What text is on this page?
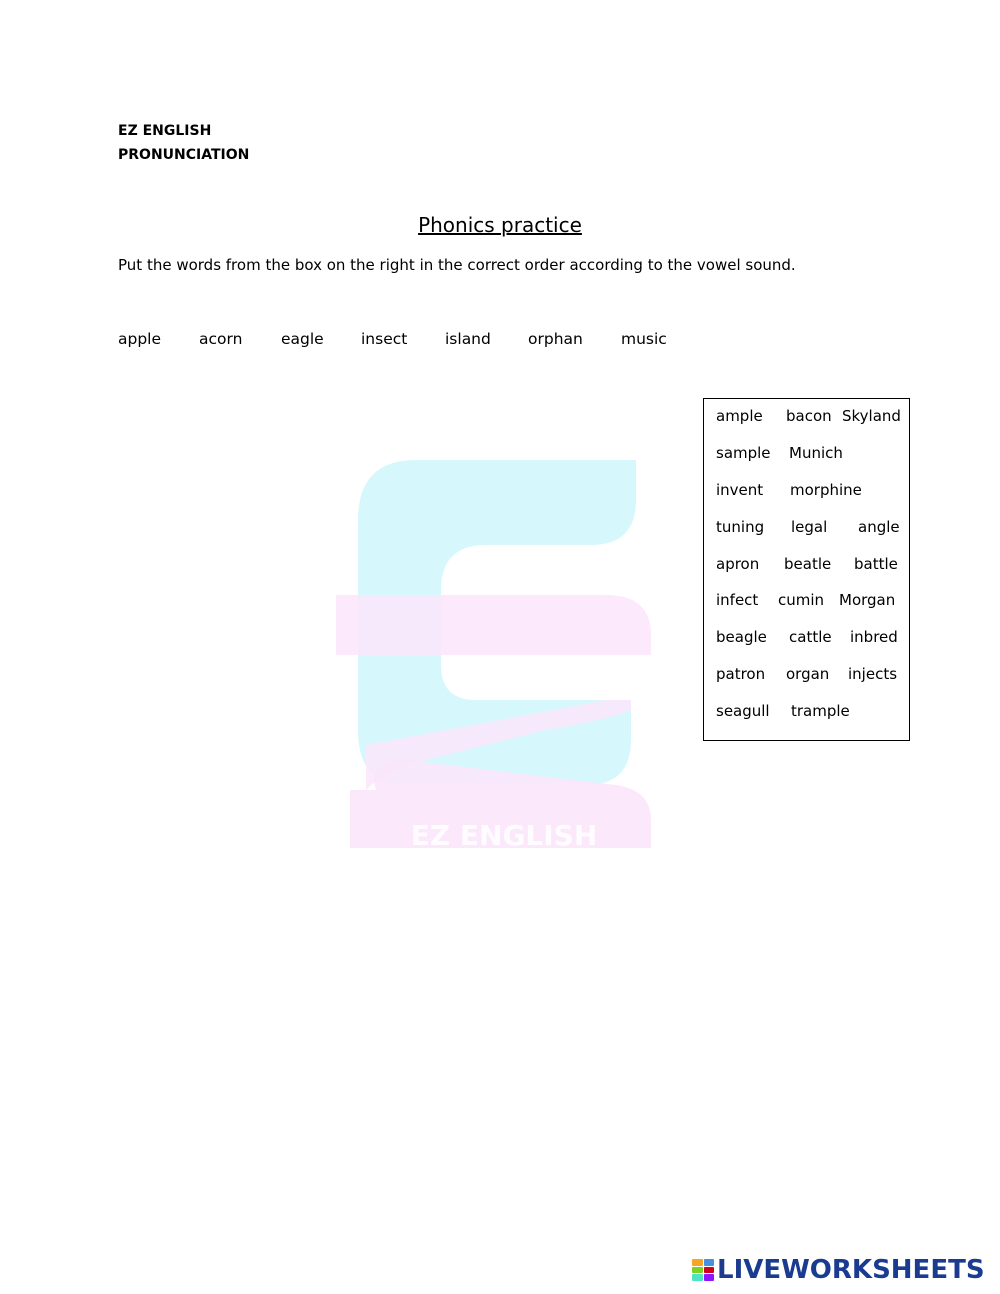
EZ ENGLISH
PRONUNCIATION
Phonics practice
Put the words from the box on the right in the correct order according to the vowel sound.
apple acorn eagle insect island orphan music
EZ ENGLISH
ample bacon Skyland
sample Munich
invent morphine
tuning legal angle
apron beatle battle
infect cumin Morgan
beagle cattle inbred
patron organ injects
seagull trample
LIVEWORKSHEETS
